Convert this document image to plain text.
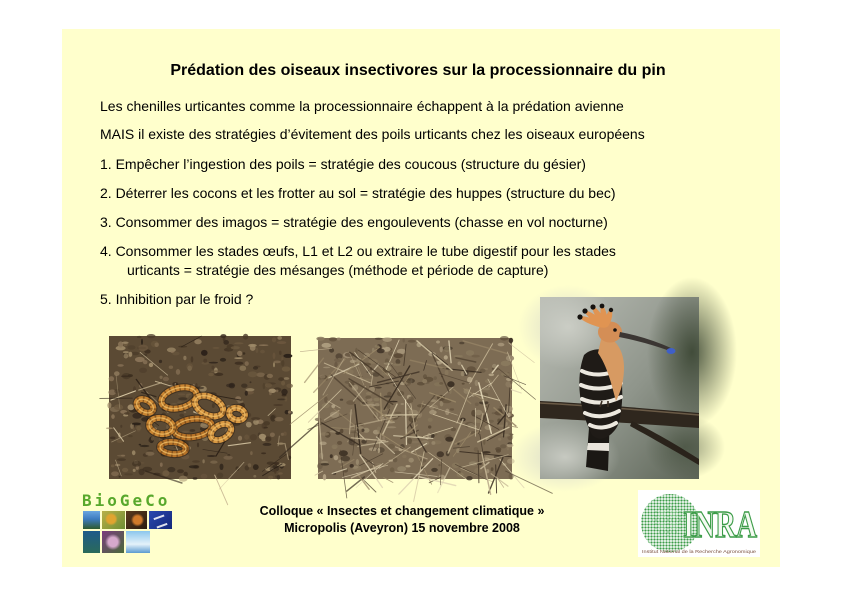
Prédation des oiseaux insectivores sur la processionnaire du pin
Les chenilles urticantes comme la processionnaire échappent à la prédation avienne
MAIS il existe des stratégies d’évitement des poils urticants chez les oiseaux européens
1. Empêcher l’ingestion des poils = stratégie des coucous (structure du gésier)
2. Déterrer les cocons et les frotter au sol = stratégie des huppes (structure du bec)
3. Consommer des imagos = stratégie des engoulevents (chasse en vol nocturne)
4. Consommer les stades œufs, L1 et L2 ou extraire le tube digestif pour les stades
urticants = stratégie des mésanges (méthode et période de capture)
5. Inhibition par le froid ?
BioGeCo
Colloque « Insectes et changement climatique »
Micropolis (Aveyron) 15 novembre 2008	INRA
Institut National de la Recherche Agronomique
